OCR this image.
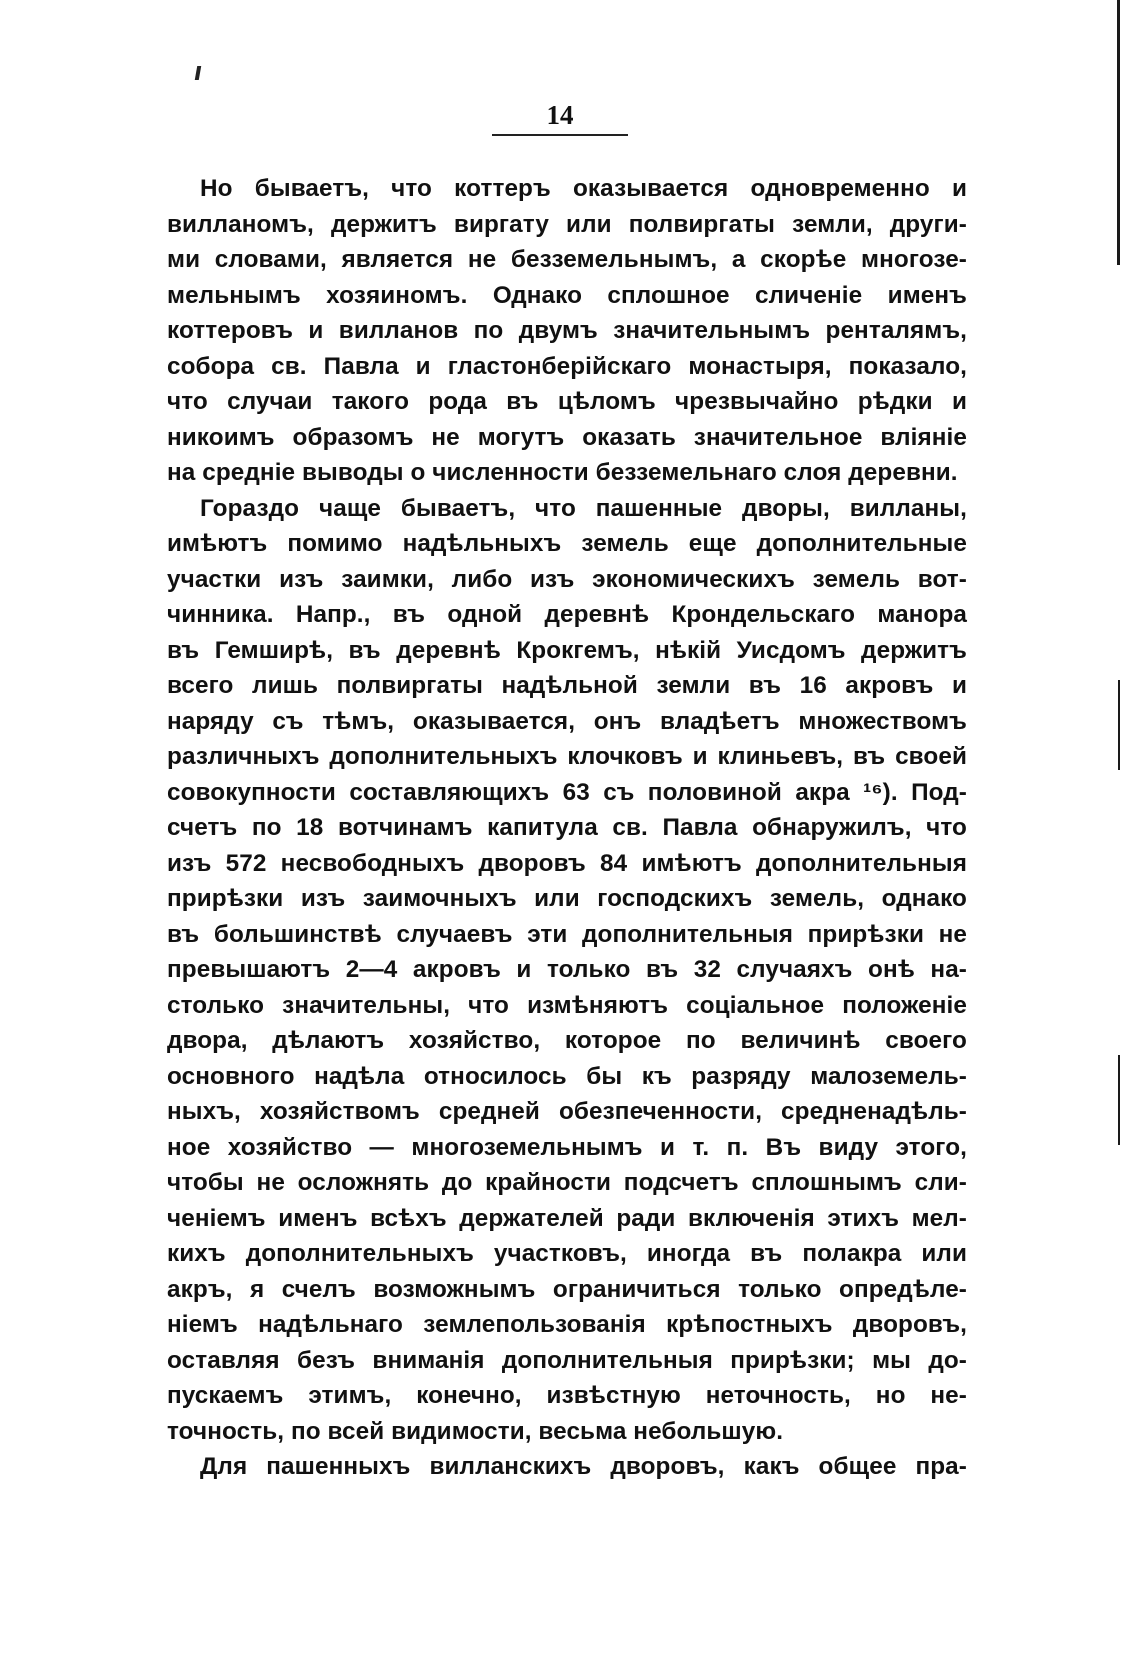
14
Но бываетъ, что коттеръ оказывается одновременно и
вилланомъ, держитъ виргату или полвиргаты земли, други-
ми словами, является не безземельнымъ, а скорѣе многозе-
мельнымъ хозяиномъ. Однако сплошное сличенiе именъ
коттеровъ и вилланов по двумъ значительнымъ ренталямъ,
собора св. Павла и гластонберiйскаго монастыря, показало,
что случаи такого рода въ цѣломъ чрезвычайно рѣдки и
никоимъ образомъ не могутъ оказать значительное влiянiе
на среднiе выводы о численности безземельнаго слоя деревни.
Гораздо чаще бываетъ, что пашенные дворы, вилланы,
имѣютъ помимо надѣльныхъ земель еще дополнительные
участки изъ заимки, либо изъ экономическихъ земель вот-
чинника. Напр., въ одной деревнѣ Крондельскаго манора
въ Гемширѣ, въ деревнѣ Крокгемъ, нѣкiй Уисдомъ держитъ
всего лишь полвиргаты надѣльной земли въ 16 акровъ и
наряду съ тѣмъ, оказывается, онъ владѣетъ множествомъ
различныхъ дополнительныхъ клочковъ и клиньевъ, въ своей
совокупности составляющихъ 63 съ половиной акра ¹⁶). Под-
счетъ по 18 вотчинамъ капитула св. Павла обнаружилъ, что
изъ 572 несвободныхъ дворовъ 84 имѣютъ дополнительныя
прирѣзки изъ заимочныхъ или господскихъ земель, однако
въ большинствѣ случаевъ эти дополнительныя прирѣзки не
превышаютъ 2—4 акровъ и только въ 32 случаяхъ онѣ на-
столько значительны, что измѣняютъ соцiальное положенiе
двора, дѣлаютъ хозяйство, которое по величинѣ своего
основного надѣла относилось бы къ разряду малоземель-
ныхъ, хозяйствомъ средней обезпеченности, средненадѣль-
ное хозяйство — многоземельнымъ и т. п. Въ виду этого,
чтобы не осложнять до крайности подсчетъ сплошнымъ сли-
ченiемъ именъ всѣхъ держателей ради включенiя этихъ мел-
кихъ дополнительныхъ участковъ, иногда въ полакра или
акръ, я счелъ возможнымъ ограничиться только опредѣле-
нiемъ надѣльнаго землепользованiя крѣпостныхъ дворовъ,
оставляя безъ вниманiя дополнительныя прирѣзки; мы до-
пускаемъ этимъ, конечно, извѣстную неточность, но не-
точность, по всей видимости, весьма небольшую.
Для пашенныхъ вилланскихъ дворовъ, какъ общее пра-
